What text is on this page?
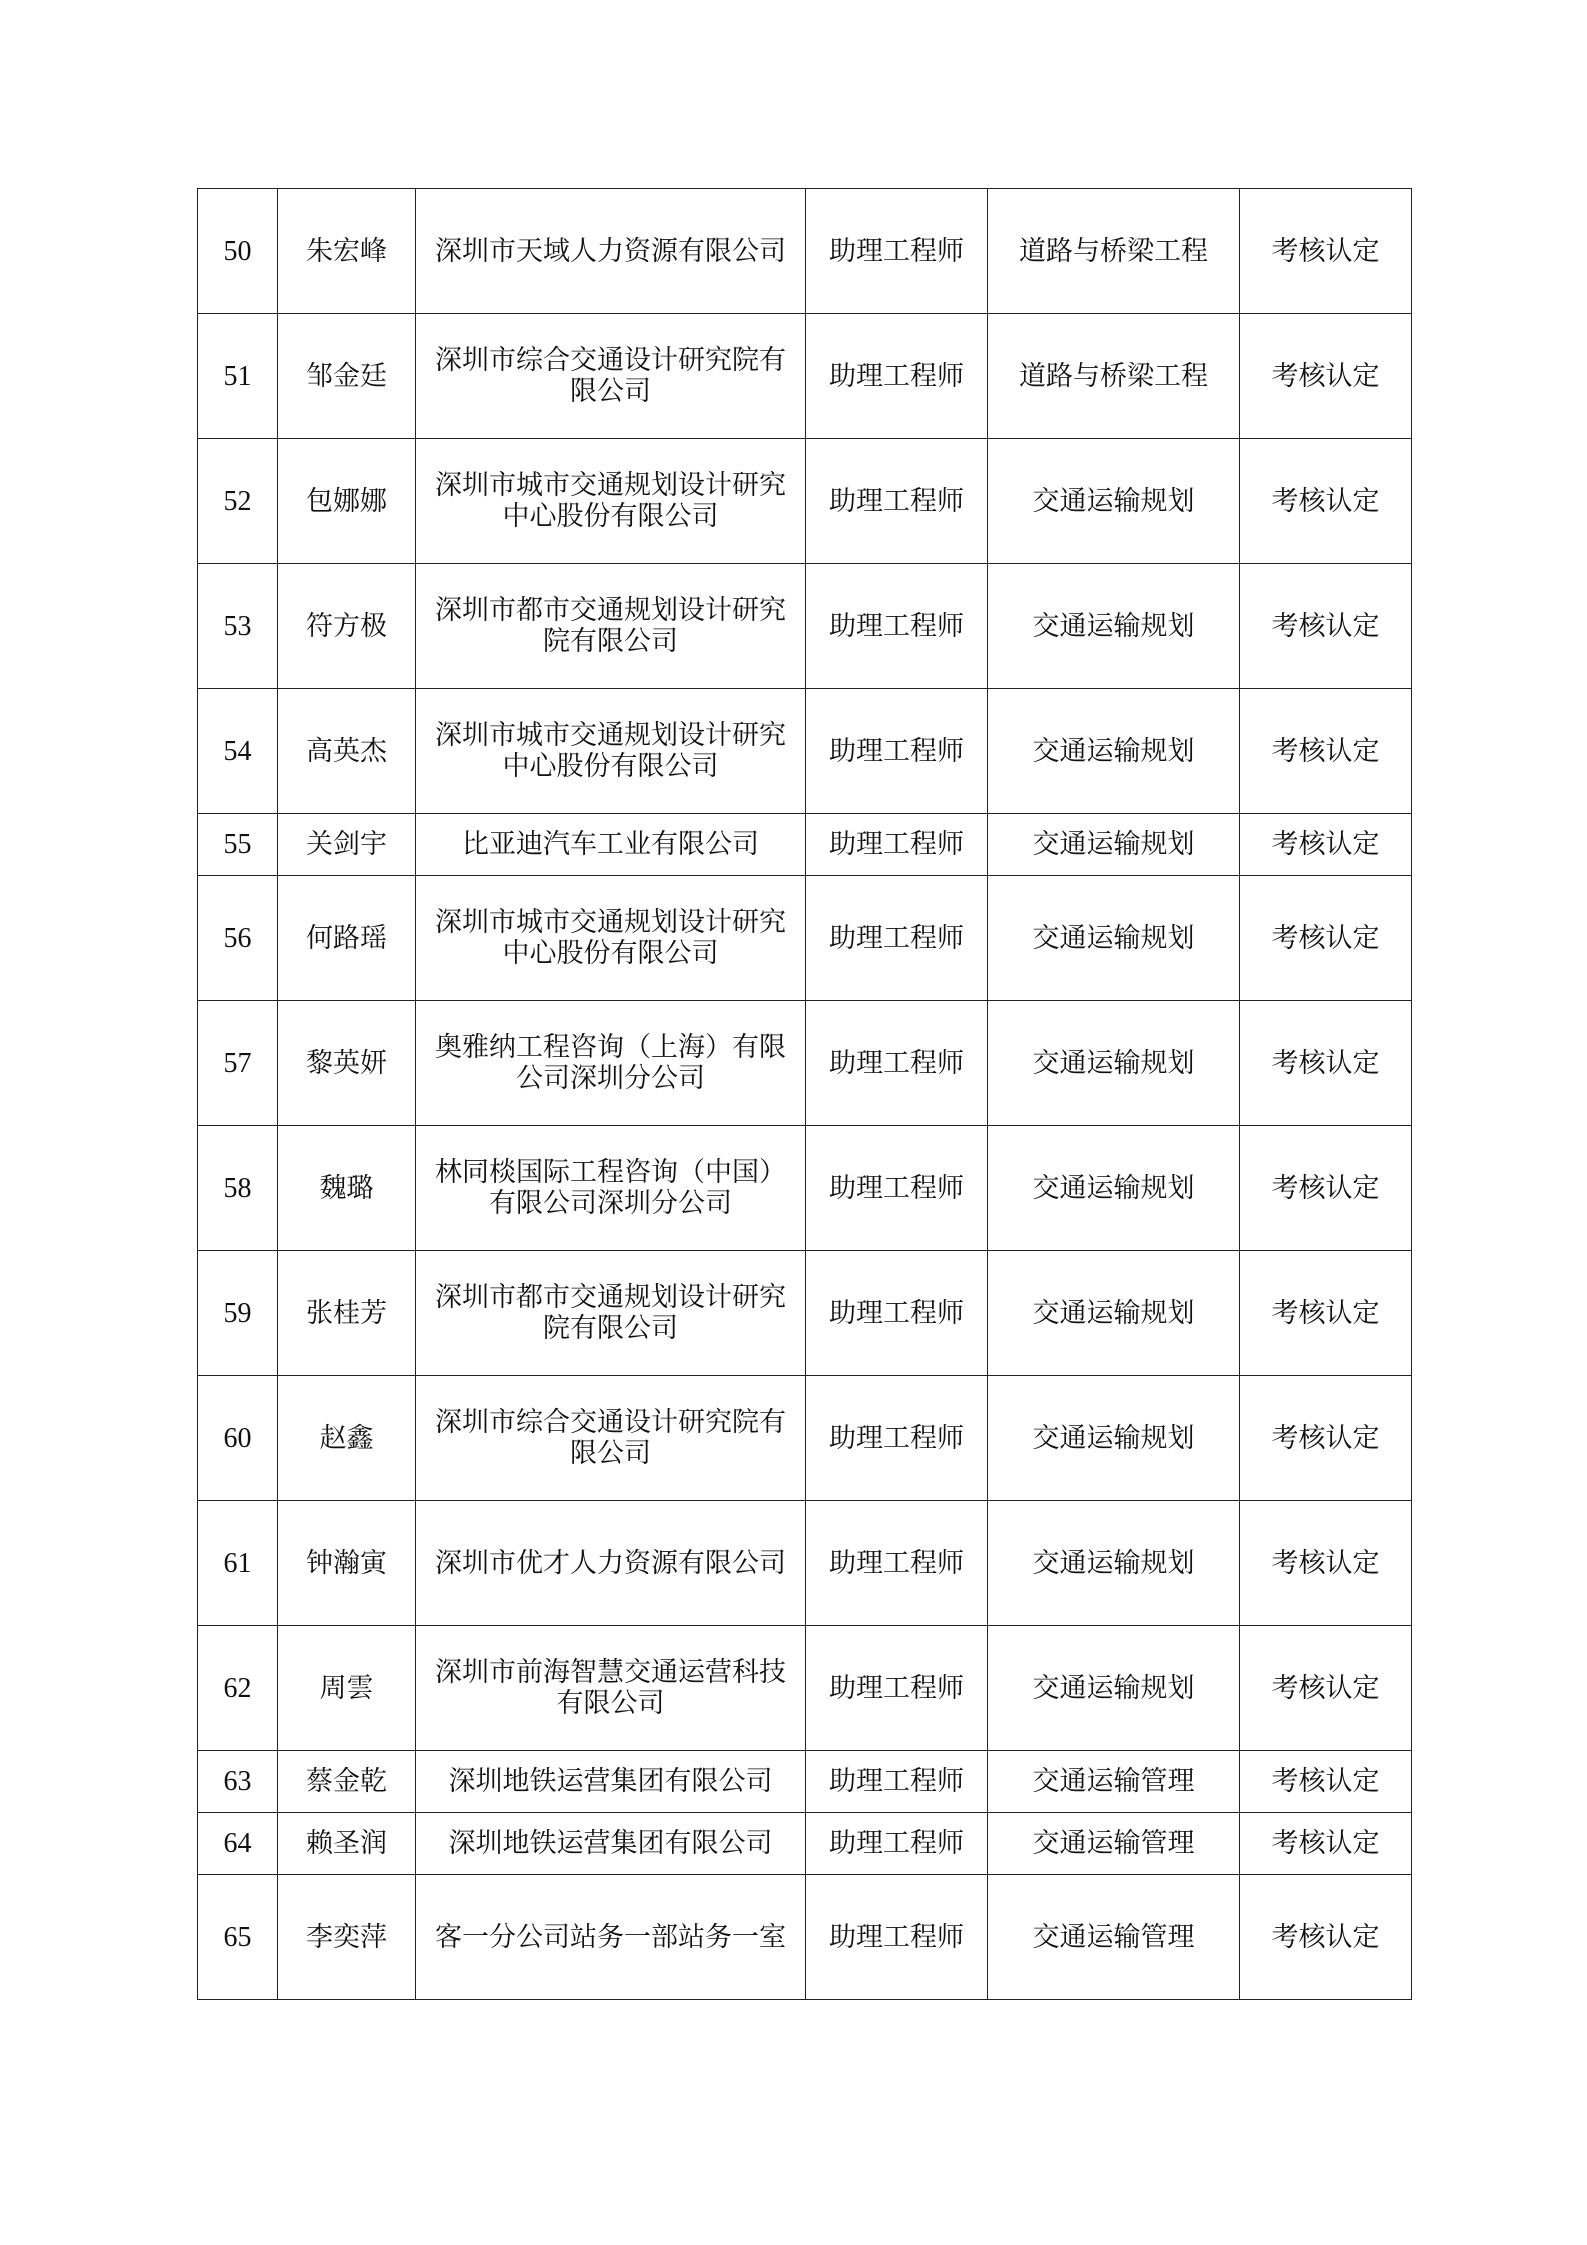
50	朱宏峰	深圳市天域人力资源有限公司	助理工程师	道路与桥梁工程	考核认定
51	邹金廷	深圳市综合交通设计研究院有限公司	助理工程师	道路与桥梁工程	考核认定
52	包娜娜	深圳市城市交通规划设计研究中心股份有限公司	助理工程师	交通运输规划	考核认定
53	符方极	深圳市都市交通规划设计研究院有限公司	助理工程师	交通运输规划	考核认定
54	高英杰	深圳市城市交通规划设计研究中心股份有限公司	助理工程师	交通运输规划	考核认定
55	关剑宇	比亚迪汽车工业有限公司	助理工程师	交通运输规划	考核认定
56	何路瑶	深圳市城市交通规划设计研究中心股份有限公司	助理工程师	交通运输规划	考核认定
57	黎英妍	奥雅纳工程咨询（上海）有限公司深圳分公司	助理工程师	交通运输规划	考核认定
58	魏璐	林同棪国际工程咨询（中国）有限公司深圳分公司	助理工程师	交通运输规划	考核认定
59	张桂芳	深圳市都市交通规划设计研究院有限公司	助理工程师	交通运输规划	考核认定
60	赵鑫	深圳市综合交通设计研究院有限公司	助理工程师	交通运输规划	考核认定
61	钟瀚寅	深圳市优才人力资源有限公司	助理工程师	交通运输规划	考核认定
62	周雲	深圳市前海智慧交通运营科技有限公司	助理工程师	交通运输规划	考核认定
63	蔡金乾	深圳地铁运营集团有限公司	助理工程师	交通运输管理	考核认定
64	赖圣润	深圳地铁运营集团有限公司	助理工程师	交通运输管理	考核认定
65	李奕萍	客一分公司站务一部站务一室	助理工程师	交通运输管理	考核认定
